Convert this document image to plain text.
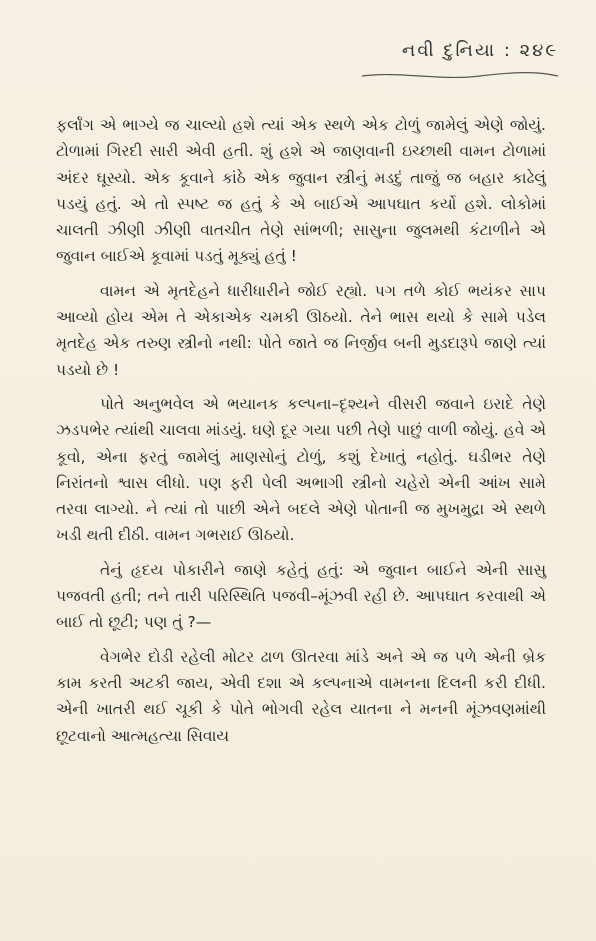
નવી દુનિયા : ૨૪૯

ફર્લાંગ એ ભાગ્યે જ ચાલ્યો હશે ત્યાં એક સ્થળે એક ટોળું જામેલું એણે જોયું. ટોળામાં ગિરદી સારી એવી હતી. શું હશે એ જાણવાની ઇચ્છાથી વામન ટોળામાં અંદર ઘૂસ્યો. એક કૂવાને કાંઠે એક જુવાન સ્ત્રીનું મડદું તાજું જ બહાર કાઢેલું પડયું હતું. એ તો સ્પષ્ટ જ હતું કે એ બાઈએ આપઘાત કર્યો હશે. લોકોમાં ચાલતી ઝીણી ઝીણી વાતચીત તેણે સાંભળી; સાસુના જુલમથી કંટાળીને એ જુવાન બાઈએ કૂવામાં પડતું મૂક્યું હતું !

વામન એ મૃતદેહને ધારીધારીને જોઈ રહ્યો. પગ તળે કોઈ ભયંકર સાપ આવ્યો હોય એમ તે એકાએક ચમકી ઊઠયો. તેને ભાસ થયો કે સામે પડેલ મૃતદેહ એક તરુણ સ્ત્રીનો નથી: પોતે જાતે જ નિર્જીવ બની મુડદારૂપે જાણે ત્યાં પડયો છે !

પોતે અનુભવેલ એ ભયાનક કલ્પના–દૃશ્યને વીસરી જવાને ઇરાદે તેણે ઝડપભેર ત્યાંથી ચાલવા માંડયું. ઘણે દૂર ગયા પછી તેણે પાછું વાળી જોયું. હવે એ કૂવો, એના ફરતું જામેલું માણસોનું ટોળું, કશું દેખાતું નહોતું. ઘડીભર તેણે નિરાંતનો શ્વાસ લીધો. પણ ફરી પેલી અભાગી સ્ત્રીનો ચહેરો એની આંખ સામે તરવા લાગ્યો. ને ત્યાં તો પાછી એને બદલે એણે પોતાની જ મુખમુદ્રા એ સ્થળે ખડી થતી દીઠી. વામન ગભરાઈ ઊઠયો.

તેનું હૃદય પોકારીને જાણે કહેતું હતું: એ જુવાન બાઈને એની સાસુ પજવતી હતી; તને તારી પરિસ્થિતિ પજવી–મૂંઝવી રહી છે. આપઘાત કરવાથી એ બાઈ તો છૂટી; પણ તું ?—

વેગભેર દોડી રહેલી મોટર ઢાળ ઊતરવા માંડે અને એ જ પળે એની બ્રેક કામ કરતી અટકી જાય, એવી દશા એ કલ્પનાએ વામનના દિલની કરી દીધી. એની ખાતરી થઈ ચૂકી કે પોતે ભોગવી રહેલ યાતના ને મનની મૂંઝવણમાંથી છૂટવાનો આત્મહત્યા સિવાય
